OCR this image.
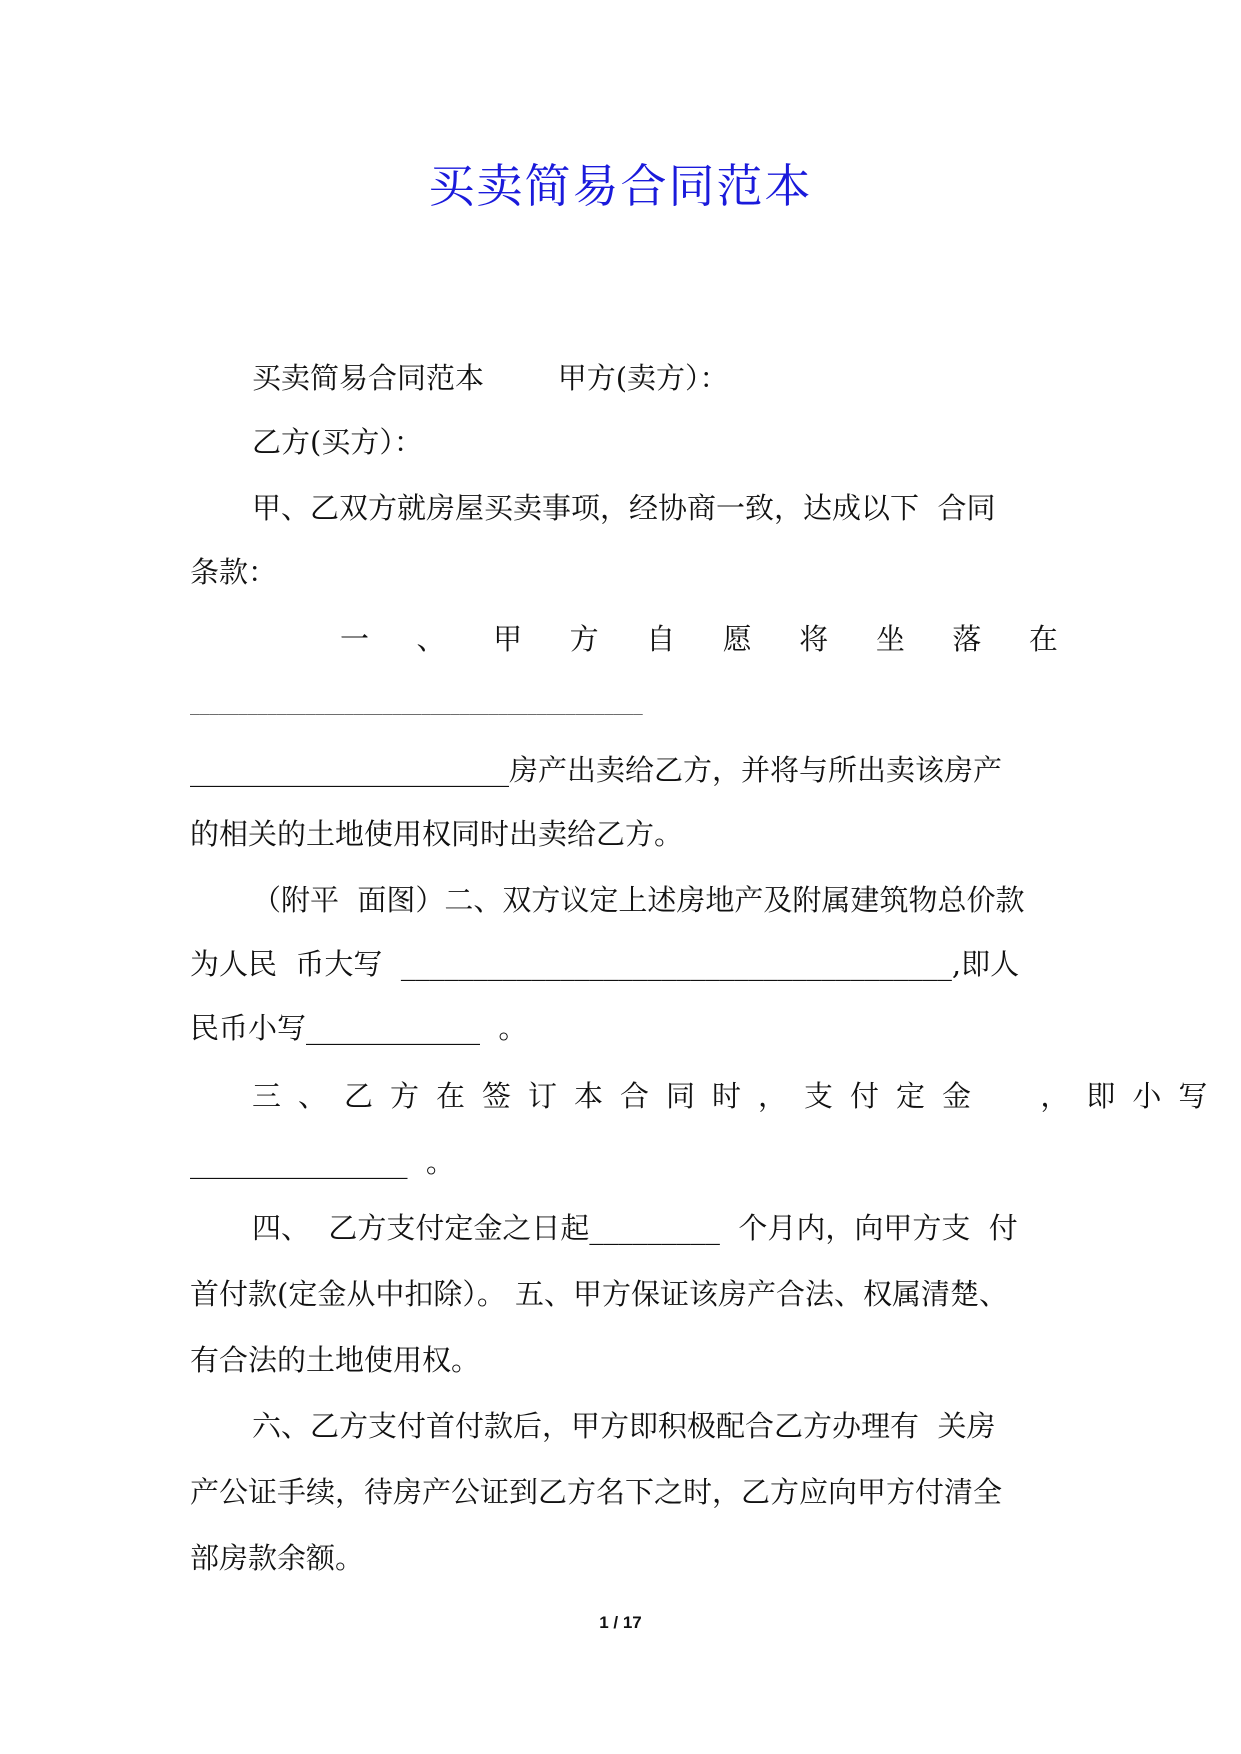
买卖简易合同范本

买卖简易合同范本        甲方(卖方）：

乙方(买方）：

甲、乙双方就房屋买卖事项，经协商一致，达成以下  合同

条款：

一 、 甲 方 自 愿 将 坐 落 在

_______________________________________________

______________________房产出卖给乙方，并将与所出卖该房产

的相关的土地使用权同时出卖给乙方。

（附平  面图）二、双方议定上述房地产及附属建筑物总价款

为人民  币大写  ______________________________________,即人

民币小写____________  。

三、乙方在签订本合同时，支付定金  ，即小写

_______________  。

四、  乙方支付定金之日起_________  个月内，向甲方支  付

首付款(定金从中扣除）。 五、甲方保证该房产合法、权属清楚、

有合法的土地使用权。

六、乙方支付首付款后，甲方即积极配合乙方办理有  关房

产公证手续，待房产公证到乙方名下之时，乙方应向甲方付清全

部房款余额。

1 / 17
